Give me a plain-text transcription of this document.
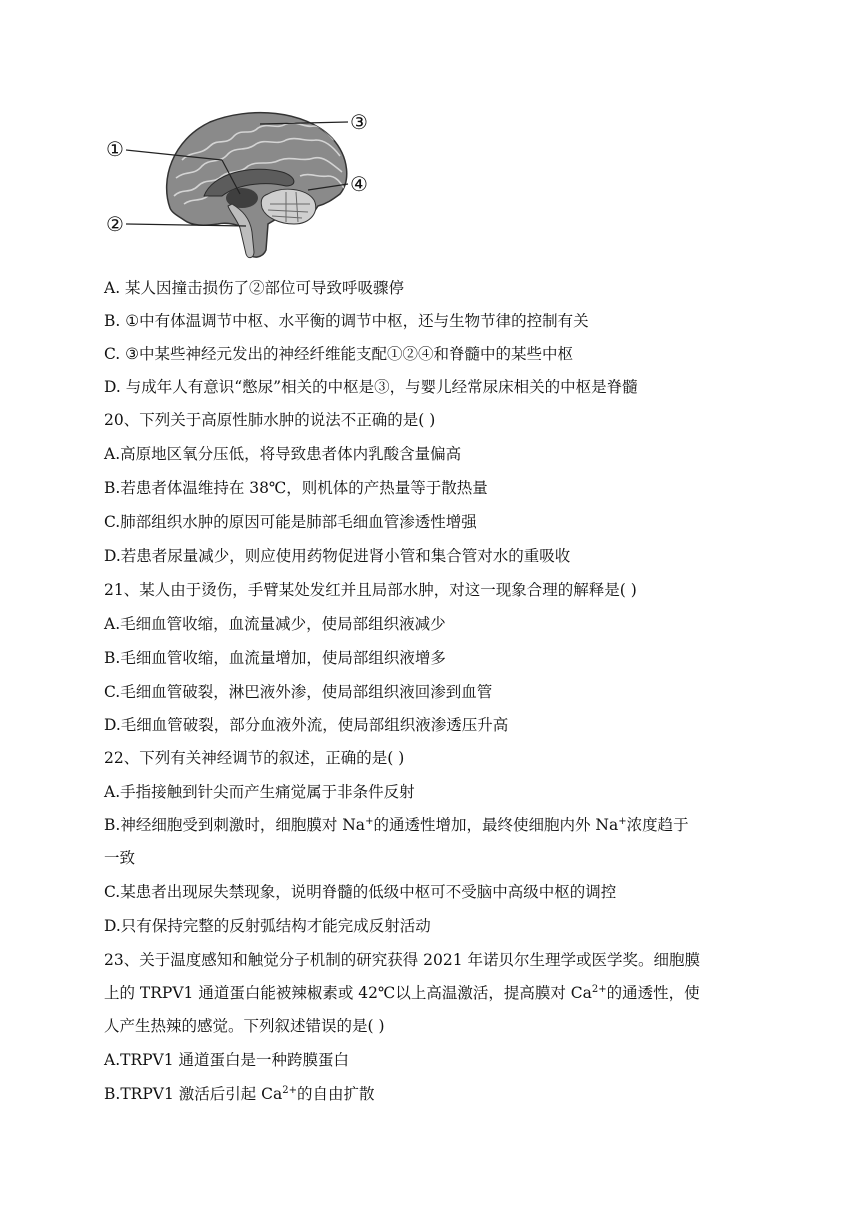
①
②
③
④
A. 某人因撞击损伤了②部位可导致呼吸骤停
B. ①中有体温调节中枢、水平衡的调节中枢，还与生物节律的控制有关
C. ③中某些神经元发出的神经纤维能支配①②④和脊髓中的某些中枢
D. 与成年人有意识“憋尿”相关的中枢是③，与婴儿经常尿床相关的中枢是脊髓
20、下列关于高原性肺水肿的说法不正确的是( )
A.高原地区氧分压低，将导致患者体内乳酸含量偏高
B.若患者体温维持在 38℃，则机体的产热量等于散热量
C.肺部组织水肿的原因可能是肺部毛细血管渗透性增强
D.若患者尿量减少，则应使用药物促进肾小管和集合管对水的重吸收
21、某人由于烫伤，手臂某处发红并且局部水肿，对这一现象合理的解释是( )
A.毛细血管收缩，血流量减少，使局部组织液减少
B.毛细血管收缩，血流量增加，使局部组织液增多
C.毛细血管破裂，淋巴液外渗，使局部组织液回渗到血管
D.毛细血管破裂，部分血液外流，使局部组织液渗透压升高
22、下列有关神经调节的叙述，正确的是( )
A.手指接触到针尖而产生痛觉属于非条件反射
B.神经细胞受到刺激时，细胞膜对 Na+的通透性增加，最终使细胞内外 Na+浓度趋于
一致
C.某患者出现尿失禁现象，说明脊髓的低级中枢可不受脑中高级中枢的调控
D.只有保持完整的反射弧结构才能完成反射活动
23、关于温度感知和触觉分子机制的研究获得 2021 年诺贝尔生理学或医学奖。细胞膜
上的 TRPV1 通道蛋白能被辣椒素或 42℃以上高温激活，提高膜对 $Ca^{2+}$的通透性，使
人产生热辣的感觉。下列叙述错误的是( )
A.TRPV1 通道蛋白是一种跨膜蛋白
B.TRPV1 激活后引起 $Ca^{2+}$的自由扩散
